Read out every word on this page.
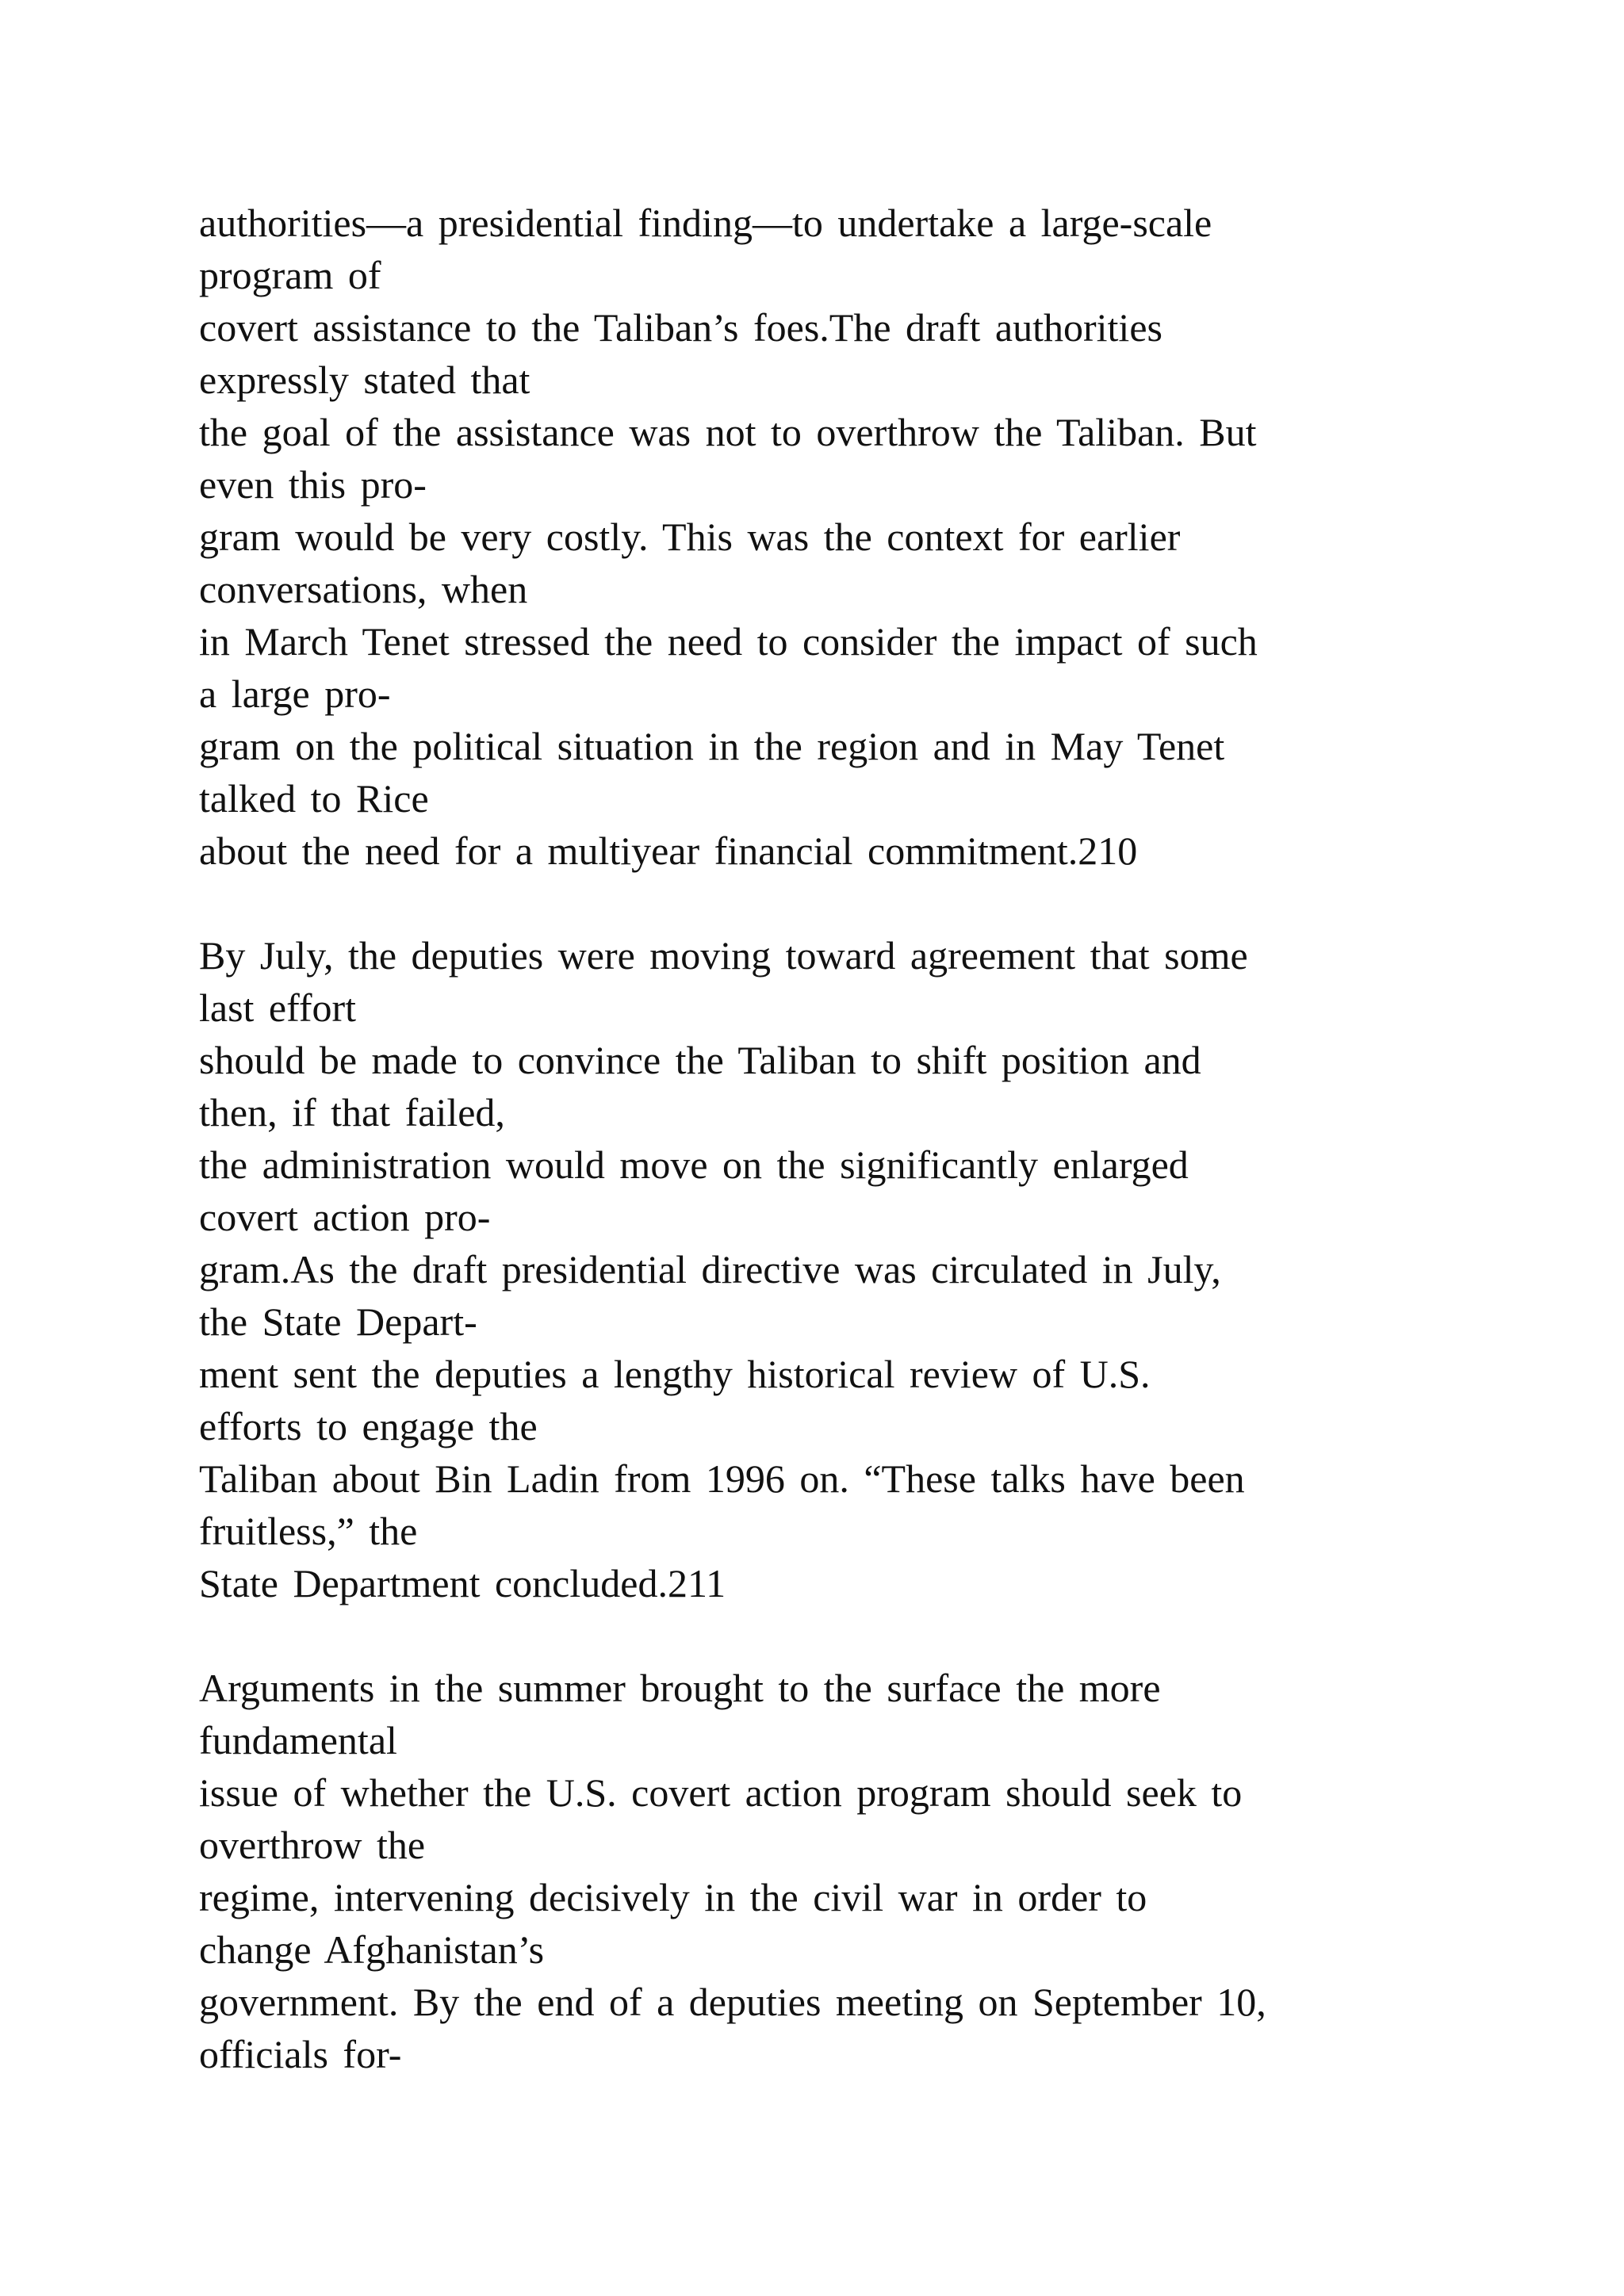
authorities—a presidential finding—to undertake a large-scale
program of
covert assistance to the Taliban’s foes.The draft authorities
expressly stated that
the goal of the assistance was not to overthrow the Taliban. But
even this pro-
gram would be very costly. This was the context for earlier
conversations, when
in March Tenet stressed the need to consider the impact of such
a large pro-
gram on the political situation in the region and in May Tenet
talked to Rice
about the need for a multiyear financial commitment.210
By July, the deputies were moving toward agreement that some
last effort
should be made to convince the Taliban to shift position and
then, if that failed,
the administration would move on the significantly enlarged
covert action pro-
gram.As the draft presidential directive was circulated in July,
the State Depart-
ment sent the deputies a lengthy historical review of U.S.
efforts to engage the
Taliban about Bin Ladin from 1996 on. “These talks have been
fruitless,” the
State Department concluded.211
Arguments in the summer brought to the surface the more
fundamental
issue of whether the U.S. covert action program should seek to
overthrow the
regime, intervening decisively in the civil war in order to
change Afghanistan’s
government. By the end of a deputies meeting on September 10,
officials for-
